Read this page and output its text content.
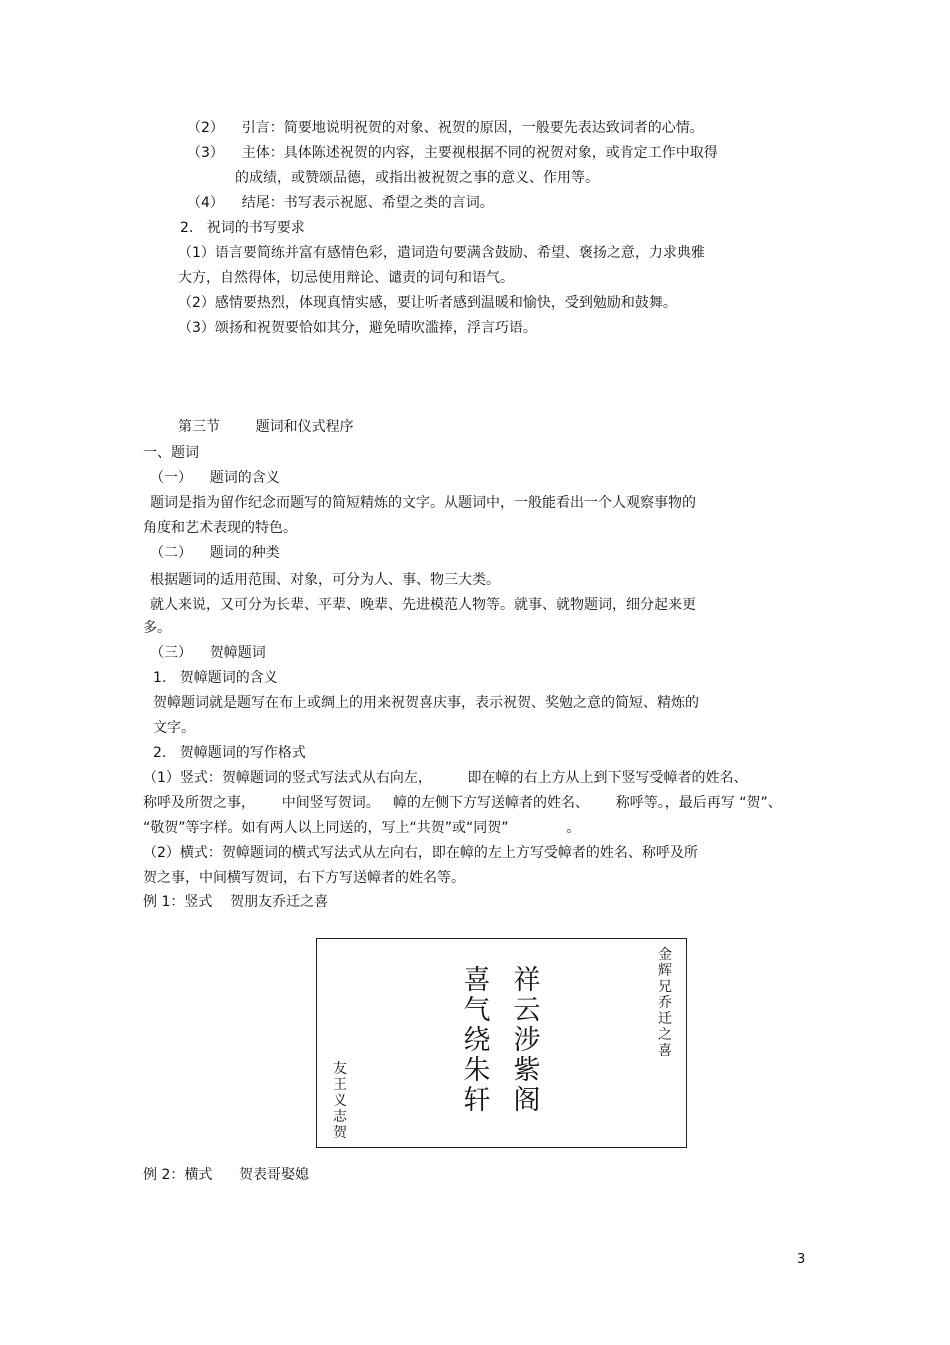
（2）    引言：简要地说明祝贺的对象、祝贺的原因，一般要先表达致词者的心情。
（3）    主体：具体陈述祝贺的内容，主要视根据不同的祝贺对象，或肯定工作中取得
的成绩，或赞颂品德，或指出被祝贺之事的意义、作用等。
（4）    结尾：书写表示祝愿、希望之类的言词。
2.   祝词的书写要求
（1）语言要简练并富有感情色彩，遣词造句要满含鼓励、希望、褒扬之意，力求典雅
大方，自然得体，切忌使用辩论、谴责的词句和语气。
（2）感情要热烈，体现真情实感，要让听者感到温暖和愉快，受到勉励和鼓舞。
（3）颂扬和祝贺要恰如其分，避免晴吹滥捧，浮言巧语。
第三节        题词和仪式程序
一、题词
（一）    题词的含义
题词是指为留作纪念而题写的简短精炼的文字。从题词中，一般能看出一个人观察事物的
角度和艺术表现的特色。
（二）    题词的种类
根据题词的适用范围、对象，可分为人、事、物三大类。
就人来说，又可分为长辈、平辈、晚辈、先进模范人物等。就事、就物题词，细分起来更
多。
（三）    贺幛题词
1.   贺幛题词的含义
贺幛题词就是题写在布上或绸上的用来祝贺喜庆事，表示祝贺、奖勉之意的简短、精炼的
文字。
2.   贺幛题词的写作格式
（1）竖式：贺幛题词的竖式写法式从右向左，        即在幛的右上方从上到下竖写受幛者的姓名、
称呼及所贺之事，      中间竖写贺词。   幛的左侧下方写送幛者的姓名、      称呼等。，最后再写 “贺”、
“敬贺”等字样。如有两人以上同送的，写上“共贺”或“同贺”             。
（2）横式：贺幛题词的横式写法式从左向右，即在幛的左上方写受幛者的姓名、称呼及所
贺之事，中间横写贺词，右下方写送幛者的姓名等。
例 1：竖式    贺朋友乔迁之喜
金
辉
兄
乔
迁
之
喜
祥
云
涉
紫
阁
喜
气
绕
朱
轩
友
王
义
志
贺
例 2：横式      贺表哥娶媳
3
